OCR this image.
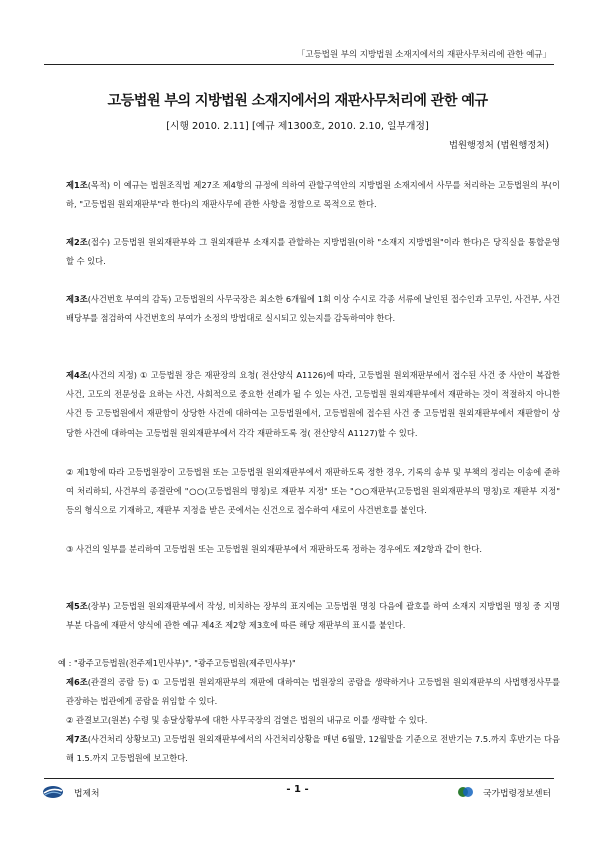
「고등법원 부의 지방법원 소재지에서의 재판사무처리에 관한 예규」
고등법원 부의 지방법원 소재지에서의 재판사무처리에 관한 예규
[시행 2010. 2.11] [예규 제1300호, 2010. 2.10, 일부개정]
법원행정처 (법원행정처)
제1조(목적) 이 예규는 법원조직법 제27조 제4항의 규정에 의하여 관할구역안의 지방법원 소재지에서 사무를 처리하는 고등법원의 부(이하, "고등법원 원외재판부"라 한다)의 재판사무에 관한 사항을 정함으로 목적으로 한다.
제2조(접수) 고등법원 원외재판부와 그 원외재판부 소재지를 관할하는 지방법원(이하 "소재지 지방법원"이라 한다)은 당직실을 통합운영할 수 있다.
제3조(사건번호 부여의 감독) 고등법원의 사무국장은 최소한 6개월에 1회 이상 수시로 각종 서류에 날인된 접수인과 고무인, 사건부, 사건배당부를 점검하여 사건번호의 부여가 소정의 방법대로 실시되고 있는지를 감독하여야 한다.
제4조(사건의 지정) ① 고등법원 장은 재판장의 요청( 전산양식 A1126)에 따라, 고등법원 원외재판부에서 접수된 사건 중 사안이 복잡한 사건, 고도의 전문성을 요하는 사건, 사회적으로 중요한 선례가 될 수 있는 사건, 고등법원 원외재판부에서 재판하는 것이 적절하지 아니한 사건 등 고등법원에서 재판함이 상당한 사건에 대하여는 고등법원에서, 고등법원에 접수된 사건 중 고등법원 원외재판부에서 재판함이 상당한 사건에 대하여는 고등법원 원외재판부에서 각각 재판하도록 정( 전산양식 A1127)할 수 있다.
② 제1항에 따라 고등법원장이 고등법원 또는 고등법원 원외재판부에서 재판하도록 정한 경우, 기록의 송부 및 부책의 정리는 이송에 준하여 처리하되, 사건부의 종결란에 "○○(고등법원의 명칭)로 재판부 지정" 또는 "○○재판부(고등법원 원외재판부의 명칭)로 재판부 지정" 등의 형식으로 기재하고, 재판부 지정을 받은 곳에서는 신건으로 접수하여 새로이 사건번호를 붙인다.
③ 사건의 일부를 분리하여 고등법원 또는 고등법원 원외재판부에서 재판하도록 정하는 경우에도 제2항과 같이 한다.
제5조(장부) 고등법원 원외재판부에서 작성, 비치하는 장부의 표지에는 고등법원 명칭 다음에 괄호를 하여 소재지 지방법원 명칭 중 지명부분 다음에 재판서 양식에 관한 예규 제4조 제2항 제3호에 따른 해당 재판부의 표시를 붙인다.
예 : "광주고등법원(전주제1민사부)", "광주고등법원(제주민사부)"
제6조(관결의 공람 등) ① 고등법원 원외재판부의 재판에 대하여는 법원장의 공람을 생략하거나 고등법원 원외재판부의 사법행정사무를 관장하는 법관에게 공람을 위임할 수 있다.
② 관결보고(원본) 수령 및 송달상황부에 대한 사무국장의 검열은 법원의 내규로 이를 생략할 수 있다.
제7조(사건처리 상황보고) 고등법원 원외재판부에서의 사건처리상황을 매년 6월말, 12월말을 기준으로 전반기는 7.5.까지 후반기는 다음해 1.5.까지 고등법원에 보고한다.
법제처	- 1 -	국가법령정보센터
